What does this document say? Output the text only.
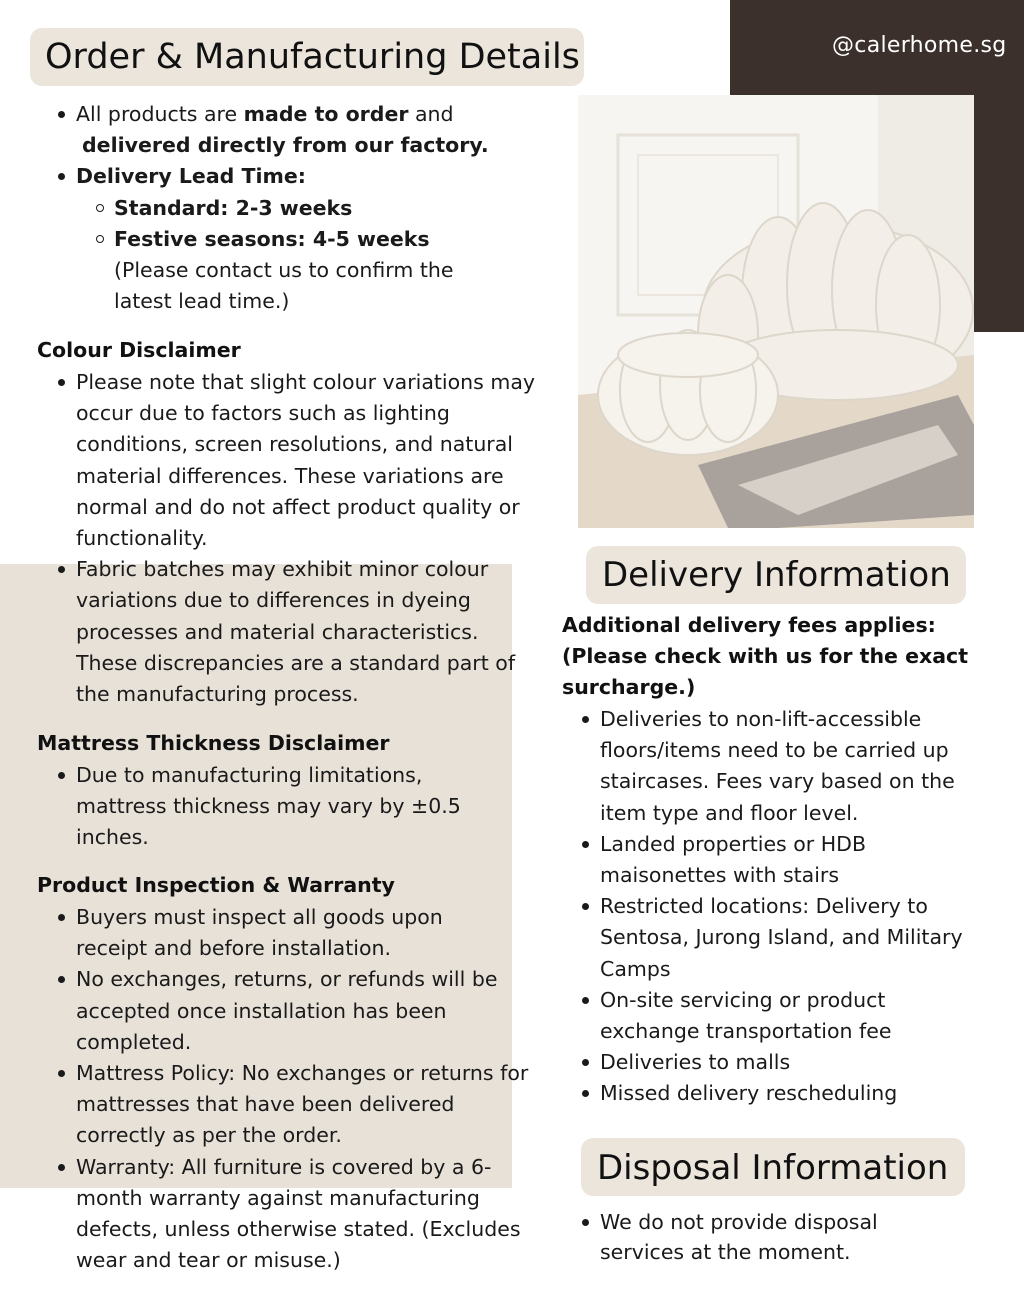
@calerhome.sg
Order & Manufacturing Details
All products are made to order and
delivered directly from our factory.
Delivery Lead Time:
Standard: 2-3 weeks
Festive seasons: 4-5 weeks (Please contact us to confirm the latest lead time.)
Colour Disclaimer
Please note that slight colour variations may occur due to factors such as lighting conditions, screen resolutions, and natural material differences. These variations are normal and do not affect product quality or functionality.
Fabric batches may exhibit minor colour variations due to differences in dyeing processes and material characteristics. These discrepancies are a standard part of the manufacturing process.
Mattress Thickness Disclaimer
Due to manufacturing limitations, mattress thickness may vary by ±0.5 inches.
Product Inspection & Warranty
Buyers must inspect all goods upon receipt and before installation.
No exchanges, returns, or refunds will be accepted once installation has been completed.
Mattress Policy: No exchanges or returns for mattresses that have been delivered correctly as per the order.
Warranty: All furniture is covered by a 6-month warranty against manufacturing defects, unless otherwise stated. (Excludes wear and tear or misuse.)
Delivery Information
Additional delivery fees applies: (Please check with us for the exact surcharge.)
Deliveries to non-lift-accessible floors/items need to be carried up staircases. Fees vary based on the item type and floor level.
Landed properties or HDB maisonettes with stairs
Restricted locations: Delivery to Sentosa, Jurong Island, and Military Camps
On-site servicing or product exchange transportation fee
Deliveries to malls
Missed delivery rescheduling
Disposal Information
We do not provide disposal services at the moment.
